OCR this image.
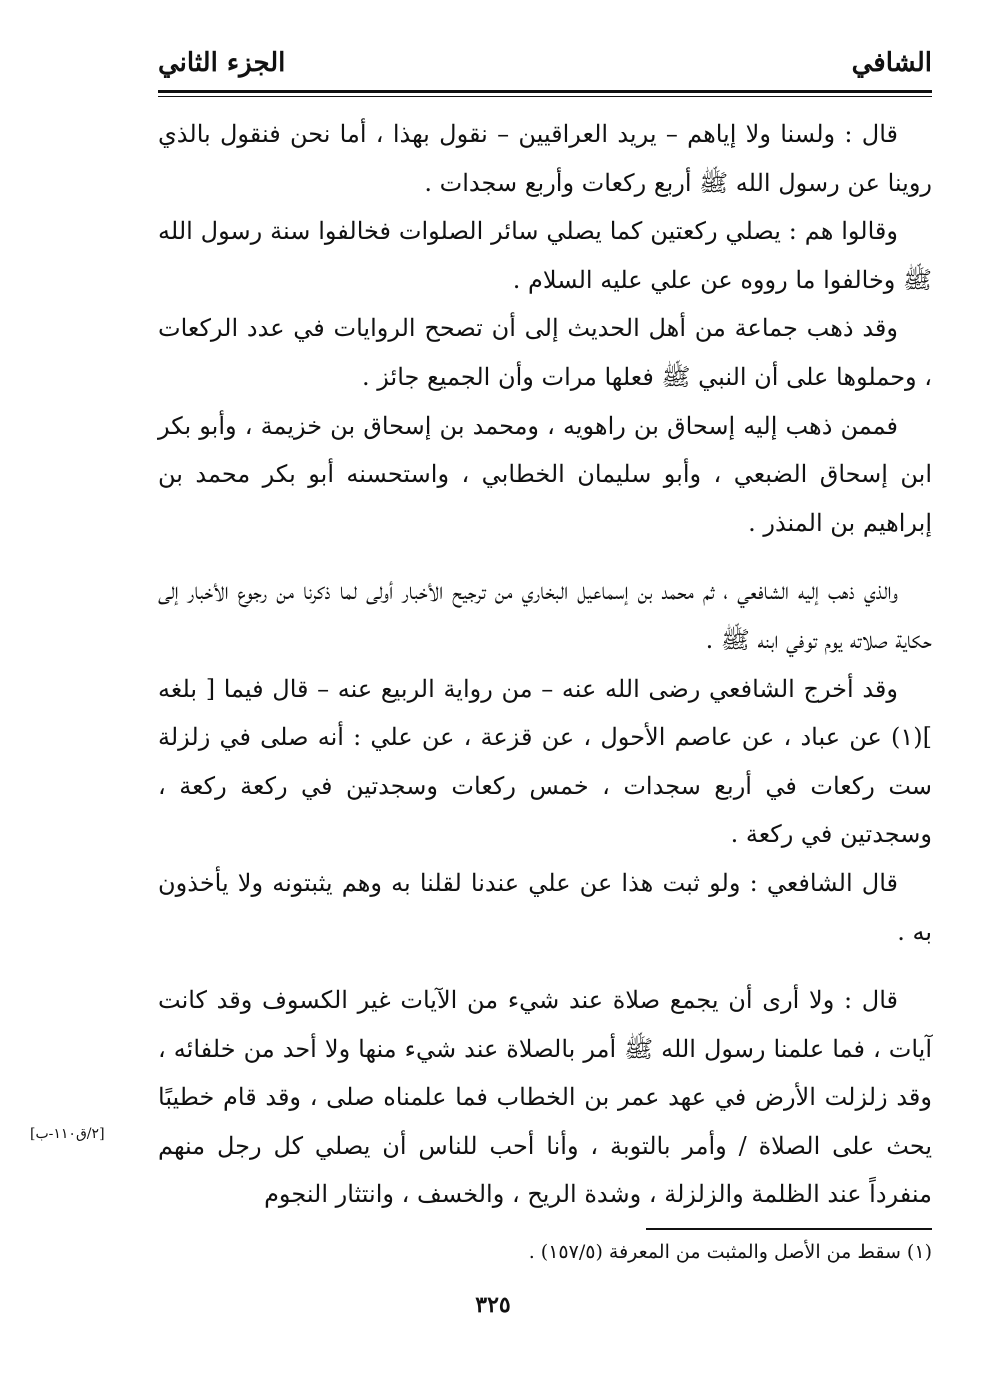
الشافي
الجزء الثاني

قال : ولسنا ولا إياهم – يريد العراقيين – نقول بهذا ، أما نحن فنقول بالذي روينا عن رسول الله ﷺ أربع ركعات وأربع سجدات .

وقالوا هم : يصلي ركعتين كما يصلي سائر الصلوات فخالفوا سنة رسول الله ﷺ وخالفوا ما رووه عن علي عليه السلام .

وقد ذهب جماعة من أهل الحديث إلى أن تصحح الروايات في عدد الركعات ، وحملوها على أن النبي ﷺ فعلها مرات وأن الجميع جائز .

فممن ذهب إليه إسحاق بن راهويه ، ومحمد بن إسحاق بن خزيمة ، وأبو بكر ابن إسحاق الضبعي ، وأبو سليمان الخطابي ، واستحسنه أبو بكر محمد بن إبراهيم بن المنذر .

والذي ذهب إليه الشافعي ، ثم محمد بن إسماعيل البخاري من ترجيح الأخبار أولى لما ذكرنا من رجوع الأخبار إلى حكاية صلاته يوم توفي ابنه ﷺ .

وقد أخرج الشافعي رضى الله عنه – من رواية الربيع عنه – قال فيما [ بلغه ](١) عن عباد ، عن عاصم الأحول ، عن قزعة ، عن علي : أنه صلى في زلزلة ست ركعات في أربع سجدات ، خمس ركعات وسجدتين في ركعة ركعة ، وسجدتين في ركعة .

قال الشافعي : ولو ثبت هذا عن علي عندنا لقلنا به وهم يثبتونه ولا يأخذون به .

قال : ولا أرى أن يجمع صلاة عند شيء من الآيات غير الكسوف وقد كانت آيات ، فما علمنا رسول الله ﷺ أمر بالصلاة عند شيء منها ولا أحد من خلفائه ، وقد زلزلت الأرض في عهد عمر بن الخطاب فما علمناه صلى ، وقد قام خطيبًا يحث على الصلاة / وأمر بالتوبة ، وأنا أحب للناس أن يصلي كل رجل منهم منفرداً عند الظلمة والزلزلة ، وشدة الريح ، والخسف ، وانتثار النجوم

[٢/ق١١٠-ب]
(١) سقط من الأصل والمثبت من المعرفة (١٥٧/٥) .
٣٢٥
